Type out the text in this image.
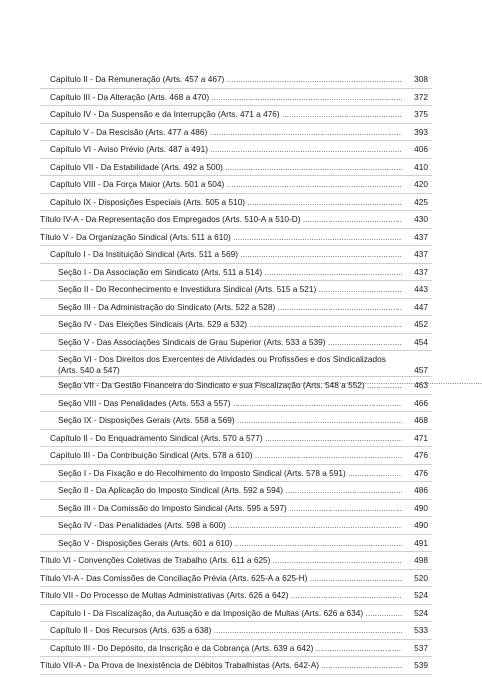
Capítulo II - Da Remuneração (Arts. 457 a 467) .....	308
Capítulo III - Da Alteração (Arts. 468 a 470) .....	372
Capítulo IV - Da Suspensão e da Interrupção (Arts. 471 a 476) .....	375
Capítulo V - Da Rescisão (Arts. 477 a 486) .....	393
Capítulo VI - Aviso Prévio (Arts. 487 a 491) .....	406
Capítulo VII - Da Estabilidade (Arts. 492 a 500) .....	410
Capítulo VIII - Da Força Maior (Arts. 501 a 504) .....	420
Capítulo IX - Disposições Especiais (Arts. 505 a 510) .....	425
Título IV-A - Da Representação dos Empregados (Arts. 510-A a 510-D) .....	430
Título V - Da Organização Sindical (Arts. 511 a 610) .....	437
Capítulo I - Da Instituição Sindical (Arts. 511 a 569) .....	437
Seção I - Da Associação em Sindicato (Arts. 511 a 514) .....	437
Seção II - Do Reconhecimento e Investidura Sindical (Arts. 515 a 521) .....	443
Seção III - Da Administração do Sindicato (Arts. 522 a 528) .....	447
Seção IV - Das Eleições Sindicais (Arts. 529 a 532) .....	452
Seção V - Das Associações Sindicais de Grau Superior (Arts. 533 a 539) .....	454
Seção VI - Dos Direitos dos Exercentes de Atividades ou Profissões e dos Sindicalizados (Arts. 540 a 547) .....	457
Seção VII - Da Gestão Financeira do Sindicato e sua Fiscalização (Arts. 548 a 552) .....	463
Seção VIII - Das Penalidades (Arts. 553 a 557) .....	466
Seção IX - Disposições Gerais (Arts. 558 a 569) .....	468
Capítulo II - Do Enquadramento Sindical (Arts. 570 a 577) .....	471
Capítulo III - Da Contribuição Sindical (Arts. 578 a 610) .....	476
Seção I - Da Fixação e do Recolhimento do Imposto Sindical (Arts. 578 a 591) .....	476
Seção II - Da Aplicação do Imposto Sindical (Arts. 592 a 594) .....	486
Seção III - Da Comissão do Imposto Sindical (Arts. 595 a 597) .....	490
Seção IV - Das Penalidades (Arts. 598 a 600) .....	490
Seção V - Disposições Gerais (Arts. 601 a 610) .....	491
Título VI - Convenções Coletivas de Trabalho (Arts. 611 a 625) .....	498
Título VI-A - Das Comissões de Conciliação Prévia (Arts. 625-A a 625-H) .....	520
Título VII - Do Processo de Multas Administrativas (Arts. 626 a 642) .....	524
Capítulo I - Da Fiscalização, da Autuação e da Imposição de Multas (Arts. 626 a 634) .....	524
Capítulo II - Dos Recursos (Arts. 635 a 638) .....	533
Capítulo III - Do Depósito, da Inscrição e da Cobrança (Arts. 639 a 642) .....	537
Título VII-A - Da Prova de Inexistência de Débitos Trabalhistas (Arts. 642-A) .....	539
